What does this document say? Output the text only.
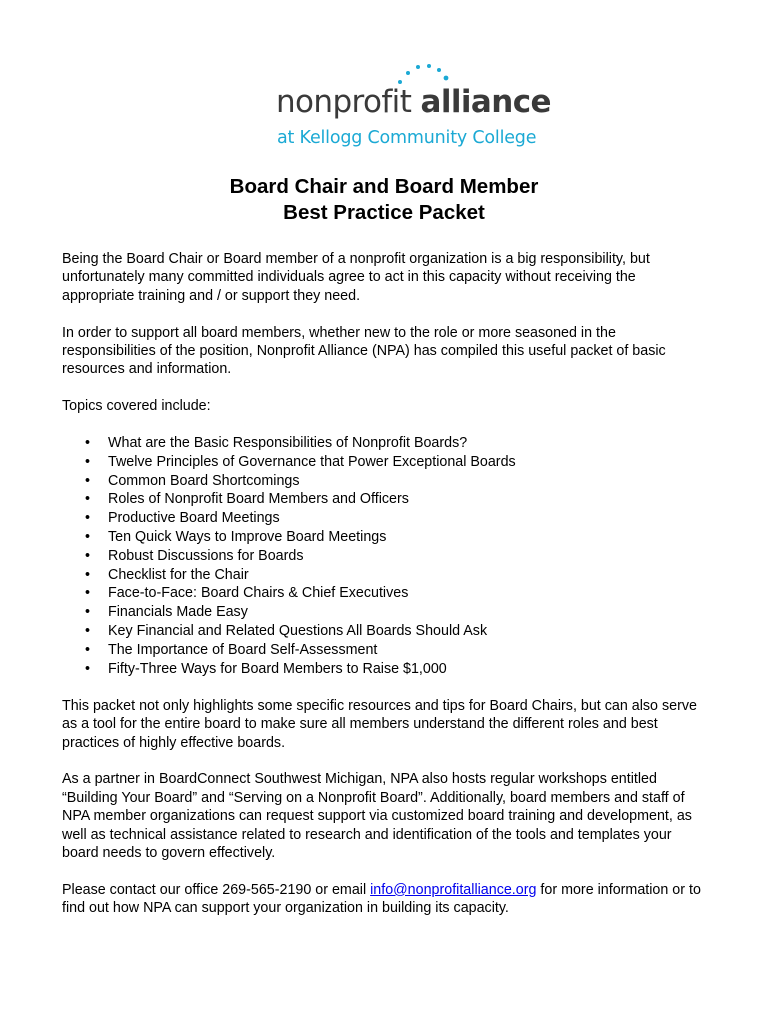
nonprofit alliance
at Kellogg Community College
Board Chair and Board Member
Best Practice Packet

Being the Board Chair or Board member of a nonprofit organization is a big responsibility, but unfortunately many committed individuals agree to act in this capacity without receiving the appropriate training and / or support they need.

In order to support all board members, whether new to the role or more seasoned in the responsibilities of the position, Nonprofit Alliance (NPA) has compiled this useful packet of basic resources and information.

Topics covered include:

• What are the Basic Responsibilities of Nonprofit Boards?
• Twelve Principles of Governance that Power Exceptional Boards
• Common Board Shortcomings
• Roles of Nonprofit Board Members and Officers
• Productive Board Meetings
• Ten Quick Ways to Improve Board Meetings
• Robust Discussions for Boards
• Checklist for the Chair
• Face-to-Face: Board Chairs & Chief Executives
• Financials Made Easy
• Key Financial and Related Questions All Boards Should Ask
• The Importance of Board Self-Assessment
• Fifty-Three Ways for Board Members to Raise $1,000

This packet not only highlights some specific resources and tips for Board Chairs, but can also serve as a tool for the entire board to make sure all members understand the different roles and best practices of highly effective boards.

As a partner in BoardConnect Southwest Michigan, NPA also hosts regular workshops entitled “Building Your Board” and “Serving on a Nonprofit Board”. Additionally, board members and staff of NPA member organizations can request support via customized board training and development, as well as technical assistance related to research and identification of the tools and templates your board needs to govern effectively.

Please contact our office 269-565-2190 or email info@nonprofitalliance.org for more information or to find out how NPA can support your organization in building its capacity.
